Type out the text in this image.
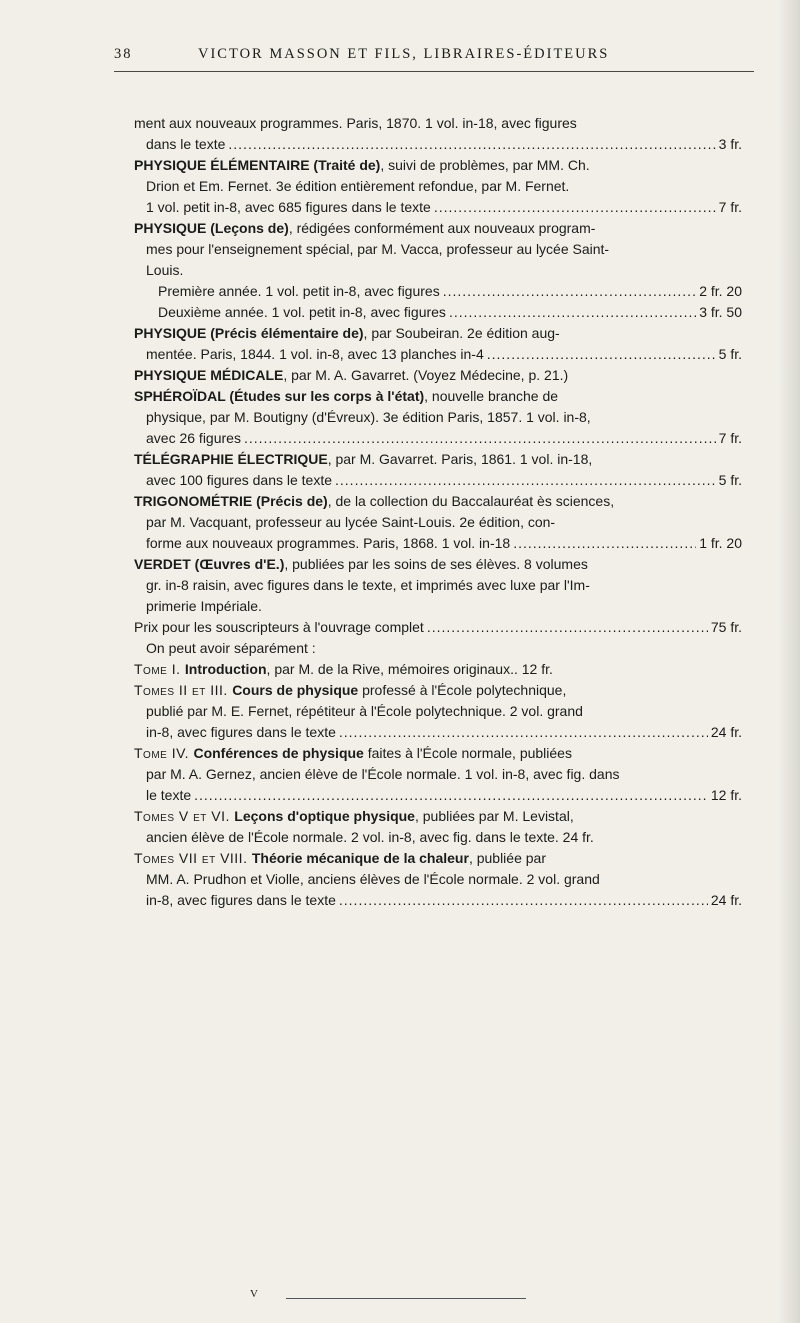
38	VICTOR MASSON ET FILS, LIBRAIRES-ÉDITEURS
ment aux nouveaux programmes. Paris, 1870. 1 vol. in-18, avec figures
dans le texte .....	3 fr.
PHYSIQUE ÉLÉMENTAIRE (Traité de), suivi de problèmes, par MM. Ch.
Drion et Em. Fernet. 3e édition entièrement refondue, par M. Fernet.
1 vol. petit in-8, avec 685 figures dans le texte .....	7 fr.
PHYSIQUE (Leçons de), rédigées conformément aux nouveaux program-
mes pour l'enseignement spécial, par M. Vacca, professeur au lycée Saint-
Louis.
Première année. 1 vol. petit in-8, avec figures .....	2 fr. 20
Deuxième année. 1 vol. petit in-8, avec figures .....	3 fr. 50
PHYSIQUE (Précis élémentaire de), par Soubeiran. 2e édition aug-
mentée. Paris, 1844. 1 vol. in-8, avec 13 planches in-4 .....	5 fr.
PHYSIQUE MÉDICALE, par M. A. Gavarret. (Voyez Médecine, p. 21.)
SPHÉROÏDAL (Études sur les corps à l'état), nouvelle branche de
physique, par M. Boutigny (d'Évreux). 3e édition Paris, 1857. 1 vol. in-8,
avec 26 figures .....	7 fr.
TÉLÉGRAPHIE ÉLECTRIQUE, par M. Gavarret. Paris, 1861. 1 vol. in-18,
avec 100 figures dans le texte .....	5 fr.
TRIGONOMÉTRIE (Précis de), de la collection du Baccalauréat ès sciences,
par M. Vacquant, professeur au lycée Saint-Louis. 2e édition, con-
forme aux nouveaux programmes. Paris, 1868. 1 vol. in-18 .....	1 fr. 20
VERDET (Œuvres d'E.), publiées par les soins de ses élèves. 8 volumes
gr. in-8 raisin, avec figures dans le texte, et imprimés avec luxe par l'Im-
primerie Impériale.
Prix pour les souscripteurs à l'ouvrage complet .....	75 fr.
On peut avoir séparément :
Tome I. Introduction, par M. de la Rive, mémoires originaux.. 12 fr.
Tomes II et III. Cours de physique professé à l'École polytechnique,
publié par M. E. Fernet, répétiteur à l'École polytechnique. 2 vol. grand
in-8, avec figures dans le texte .....	24 fr.
Tome IV. Conférences de physique faites à l'École normale, publiées
par M. A. Gernez, ancien élève de l'École normale. 1 vol. in-8, avec fig. dans
le texte .....	12 fr.
Tomes V et VI. Leçons d'optique physique, publiées par M. Levistal,
ancien élève de l'École normale. 2 vol. in-8, avec fig. dans le texte. 24 fr.
Tomes VII et VIII. Théorie mécanique de la chaleur, publiée par
MM. A. Prudhon et Violle, anciens élèves de l'École normale. 2 vol. grand
in-8, avec figures dans le texte .....	24 fr.
V
